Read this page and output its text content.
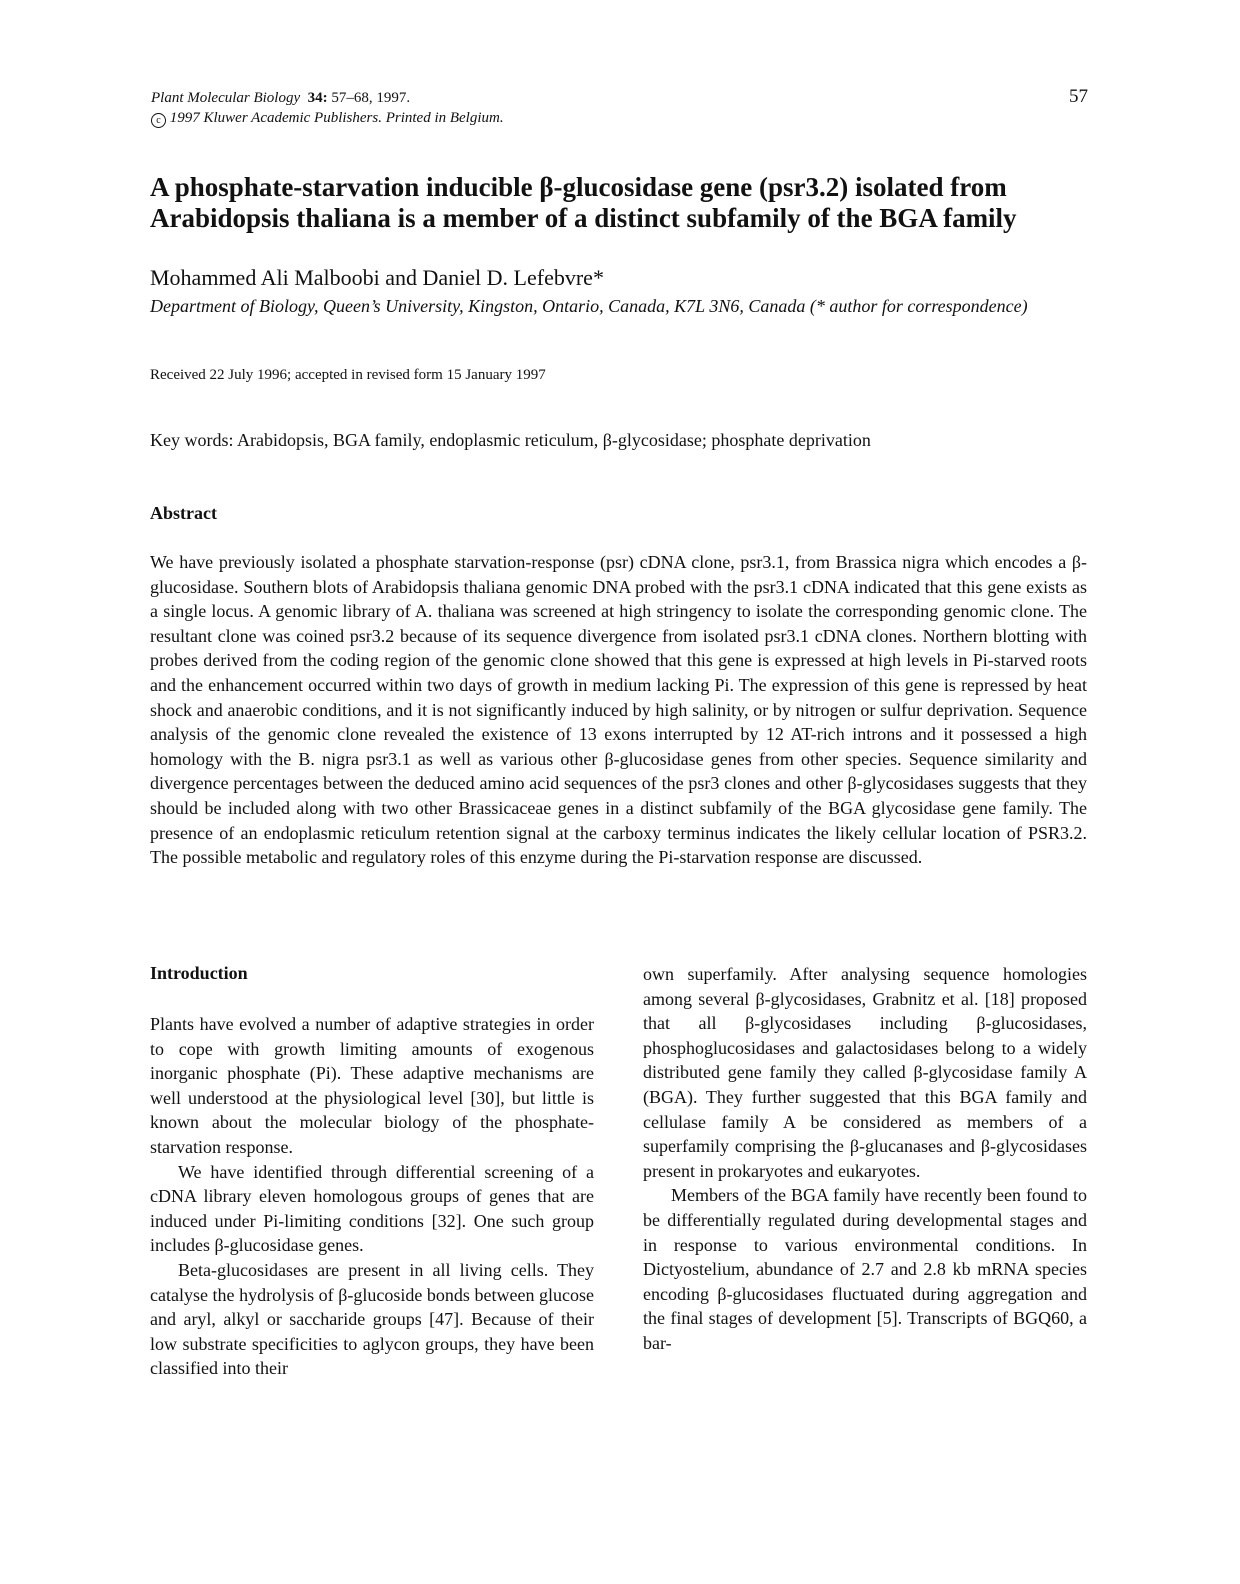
Plant Molecular Biology 34: 57–68, 1997.
c 1997 Kluwer Academic Publishers. Printed in Belgium.
57
A phosphate-starvation inducible β-glucosidase gene (psr3.2) isolated from
Arabidopsis thaliana is a member of a distinct subfamily of the BGA family
Mohammed Ali Malboobi and Daniel D. Lefebvre*
Department of Biology, Queen’s University, Kingston, Ontario, Canada, K7L 3N6, Canada (* author for correspondence)
Received 22 July 1996; accepted in revised form 15 January 1997
Key words: Arabidopsis, BGA family, endoplasmic reticulum, β-glycosidase; phosphate deprivation
Abstract

We have previously isolated a phosphate starvation-response (psr) cDNA clone, psr3.1, from Brassica nigra which encodes a β-glucosidase. Southern blots of Arabidopsis thaliana genomic DNA probed with the psr3.1 cDNA indicated that this gene exists as a single locus. A genomic library of A. thaliana was screened at high stringency to isolate the corresponding genomic clone. The resultant clone was coined psr3.2 because of its sequence divergence from isolated psr3.1 cDNA clones. Northern blotting with probes derived from the coding region of the genomic clone showed that this gene is expressed at high levels in Pi-starved roots and the enhancement occurred within two days of growth in medium lacking Pi. The expression of this gene is repressed by heat shock and anaerobic conditions, and it is not significantly induced by high salinity, or by nitrogen or sulfur deprivation. Sequence analysis of the genomic clone revealed the existence of 13 exons interrupted by 12 AT-rich introns and it possessed a high homology with the B. nigra psr3.1 as well as various other β-glucosidase genes from other species. Sequence similarity and divergence percentages between the deduced amino acid sequences of the psr3 clones and other β-glycosidases suggests that they should be included along with two other Brassicaceae genes in a distinct subfamily of the BGA glycosidase gene family. The presence of an endoplasmic reticulum retention signal at the carboxy terminus indicates the likely cellular location of PSR3.2. The possible metabolic and regulatory roles of this enzyme during the Pi-starvation response are discussed.

Introduction

Plants have evolved a number of adaptive strategies in order to cope with growth limiting amounts of exogenous inorganic phosphate (Pi). These adaptive mechanisms are well understood at the physiological level [30], but little is known about the molecular biology of the phosphate-starvation response.

We have identified through differential screening of a cDNA library eleven homologous groups of genes that are induced under Pi-limiting conditions [32]. One such group includes β-glucosidase genes.

Beta-glucosidases are present in all living cells. They catalyse the hydrolysis of β-glucoside bonds between glucose and aryl, alkyl or saccharide groups [47]. Because of their low substrate specificities to aglycon groups, they have been classified into their

own superfamily. After analysing sequence homologies among several β-glycosidases, Grabnitz et al. [18] proposed that all β-glycosidases including β-glucosidases, phosphoglucosidases and galactosidases belong to a widely distributed gene family they called β-glycosidase family A (BGA). They further suggested that this BGA family and cellulase family A be considered as members of a superfamily comprising the β-glucanases and β-glycosidases present in prokaryotes and eukaryotes.

Members of the BGA family have recently been found to be differentially regulated during developmental stages and in response to various environmental conditions. In Dictyostelium, abundance of 2.7 and 2.8 kb mRNA species encoding β-glucosidases fluctuated during aggregation and the final stages of development [5]. Transcripts of BGQ60, a bar-
